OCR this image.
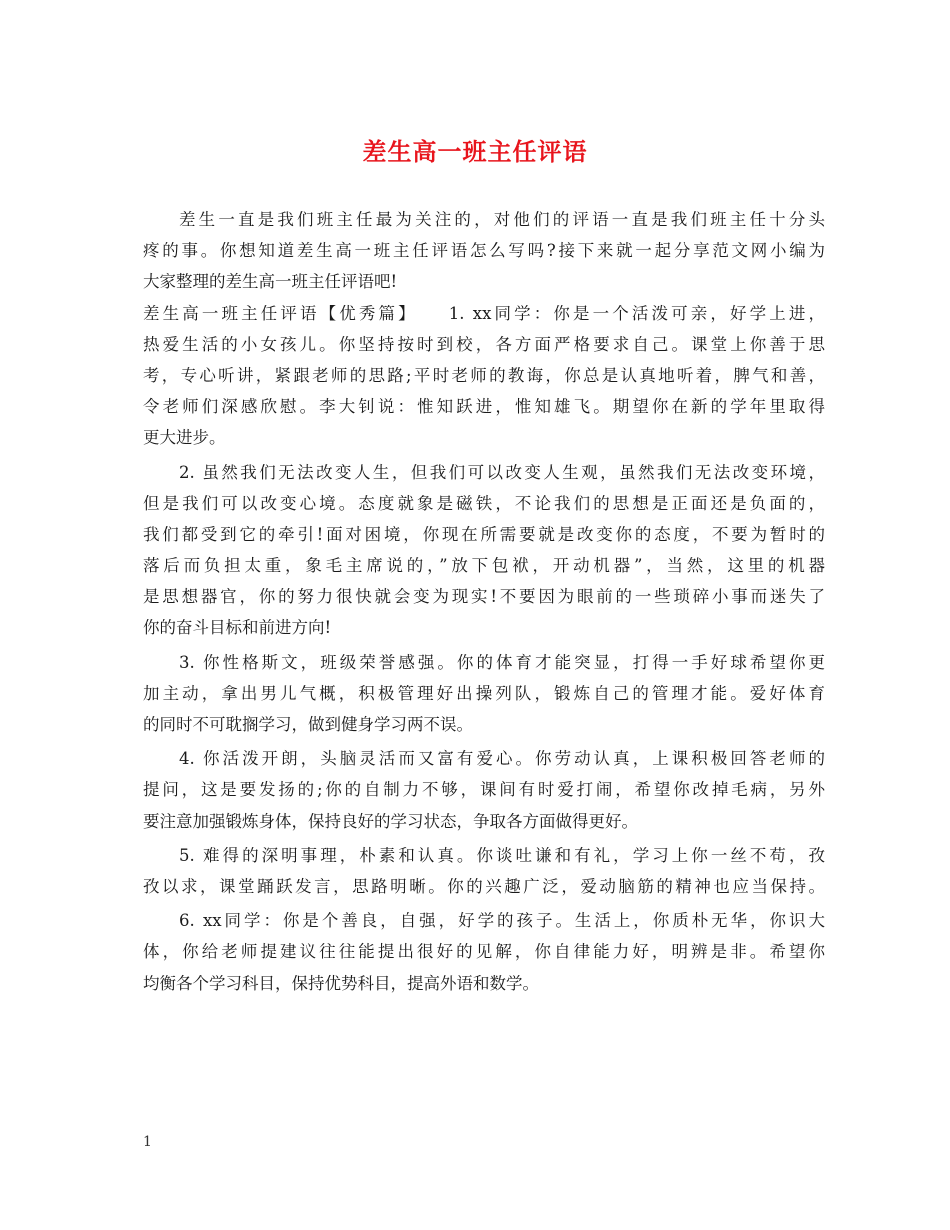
差生高一班主任评语
差生一直是我们班主任最为关注的，对他们的评语一直是我们班主任十分头
疼的事。你想知道差生高一班主任评语怎么写吗?接下来就一起分享范文网小编为
大家整理的差生高一班主任评语吧!
差生高一班主任评语【优秀篇】　　1. xx同学：你是一个活泼可亲，好学上进，
热爱生活的小女孩儿。你坚持按时到校，各方面严格要求自己。课堂上你善于思
考，专心听讲，紧跟老师的思路;平时老师的教诲，你总是认真地听着，脾气和善，
令老师们深感欣慰。李大钊说：惟知跃进，惟知雄飞。期望你在新的学年里取得
更大进步。
2. 虽然我们无法改变人生，但我们可以改变人生观，虽然我们无法改变环境，
但是我们可以改变心境。态度就象是磁铁，不论我们的思想是正面还是负面的，
我们都受到它的牵引!面对困境，你现在所需要就是改变你的态度，不要为暂时的
落后而负担太重，象毛主席说的，”放下包袱，开动机器”，当然，这里的机器
是思想器官，你的努力很快就会变为现实!不要因为眼前的一些琐碎小事而迷失了
你的奋斗目标和前进方向!
3. 你性格斯文，班级荣誉感强。你的体育才能突显，打得一手好球希望你更
加主动，拿出男儿气概，积极管理好出操列队，锻炼自己的管理才能。爱好体育
的同时不可耽搁学习，做到健身学习两不误。
4. 你活泼开朗，头脑灵活而又富有爱心。你劳动认真，上课积极回答老师的
提问，这是要发扬的;你的自制力不够，课间有时爱打闹，希望你改掉毛病，另外
要注意加强锻炼身体，保持良好的学习状态，争取各方面做得更好。
5. 难得的深明事理，朴素和认真。你谈吐谦和有礼，学习上你一丝不苟，孜
孜以求，课堂踊跃发言，思路明晰。你的兴趣广泛，爱动脑筋的精神也应当保持。
6. xx同学：你是个善良，自强，好学的孩子。生活上，你质朴无华，你识大
体，你给老师提建议往往能提出很好的见解，你自律能力好，明辨是非。希望你
均衡各个学习科目，保持优势科目，提高外语和数学。
1
